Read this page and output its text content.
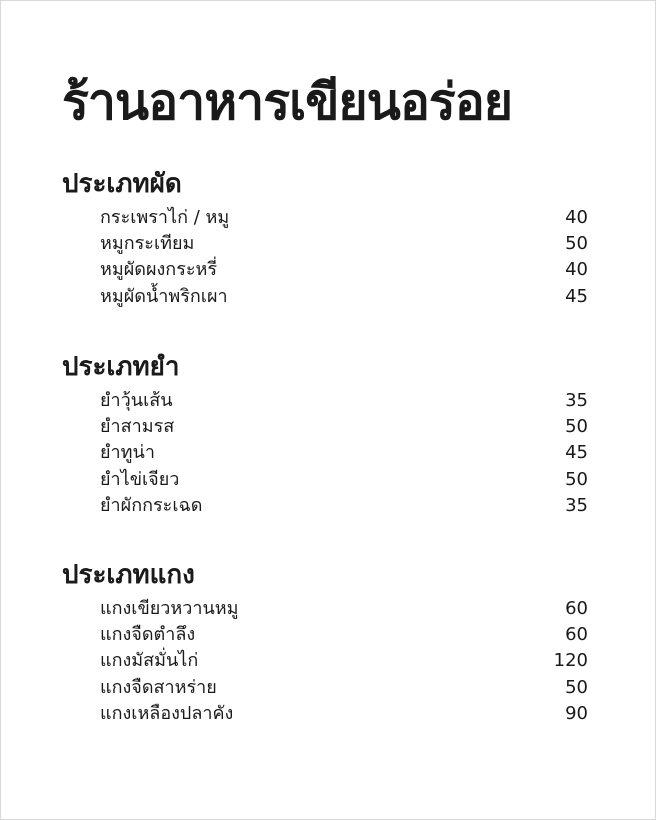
ร้านอาหารเขียนอร่อย
ประเภทผัด
กระเพราไก่ / หมู	40
หมูกระเทียม	50
หมูผัดผงกระหรี่	40
หมูผัดน้ำพริกเผา	45
ประเภทยำ
ยำวุ้นเส้น	35
ยำสามรส	50
ยำทูน่า	45
ยำไข่เจียว	50
ยำผักกระเฉด	35
ประเภทแกง
แกงเขียวหวานหมู	60
แกงจืดตำลึง	60
แกงมัสมั่นไก่	120
แกงจืดสาหร่าย	50
แกงเหลืองปลาคัง	90
